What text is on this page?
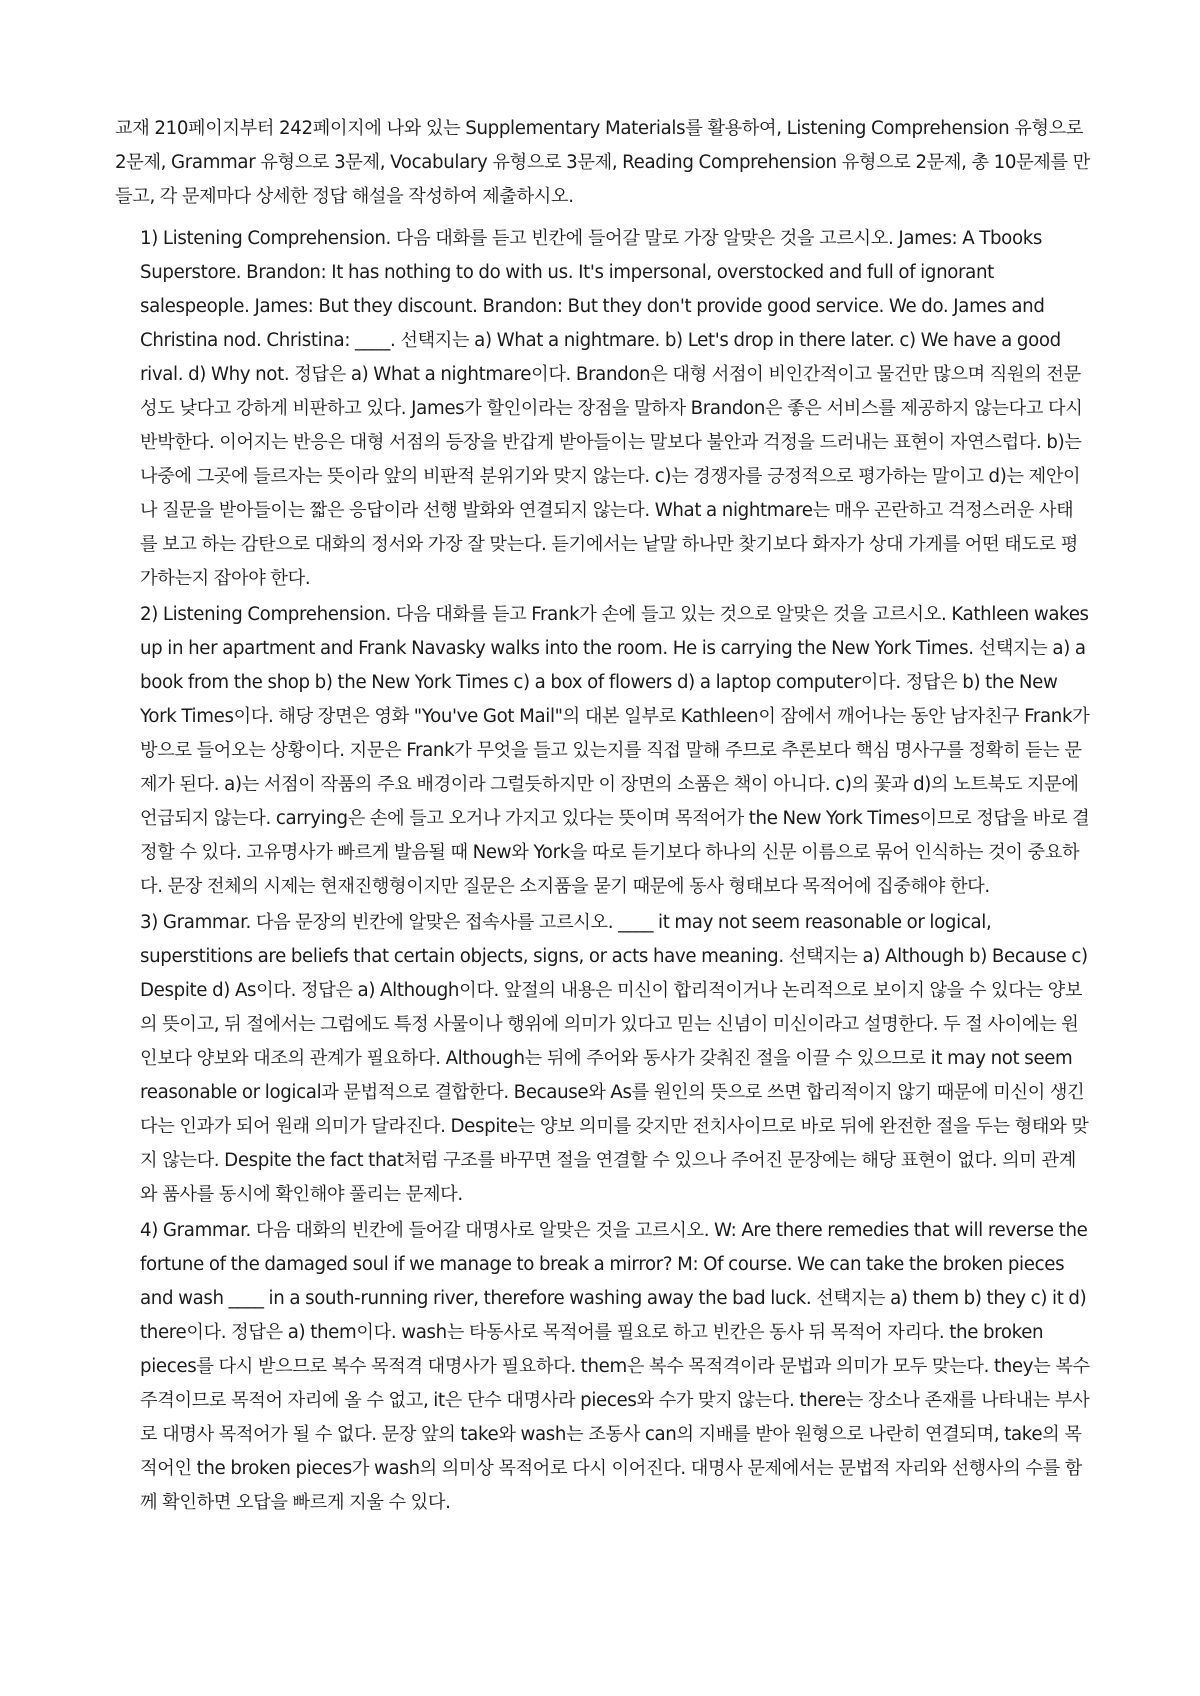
교재 210페이지부터 242페이지에 나와 있는 Supplementary Materials를 활용하여, Listening Comprehension 유형으로 2문제, Grammar 유형으로 3문제, Vocabulary 유형으로 3문제, Reading Comprehension 유형으로 2문제, 총 10문제를 만들고, 각 문제마다 상세한 정답 해설을 작성하여 제출하시오.

1) Listening Comprehension. 다음 대화를 듣고 빈칸에 들어갈 말로 가장 알맞은 것을 고르시오. James: A Tbooks Superstore. Brandon: It has nothing to do with us. It's impersonal, overstocked and full of ignorant salespeople. James: But they discount. Brandon: But they don't provide good service. We do. James and Christina nod. Christina: ____. 선택지는 a) What a nightmare. b) Let's drop in there later. c) We have a good rival. d) Why not. 정답은 a) What a nightmare이다. Brandon은 대형 서점이 비인간적이고 물건만 많으며 직원의 전문성도 낮다고 강하게 비판하고 있다. James가 할인이라는 장점을 말하자 Brandon은 좋은 서비스를 제공하지 않는다고 다시 반박한다. 이어지는 반응은 대형 서점의 등장을 반갑게 받아들이는 말보다 불안과 걱정을 드러내는 표현이 자연스럽다. b)는 나중에 그곳에 들르자는 뜻이라 앞의 비판적 분위기와 맞지 않는다. c)는 경쟁자를 긍정적으로 평가하는 말이고 d)는 제안이나 질문을 받아들이는 짧은 응답이라 선행 발화와 연결되지 않는다. What a nightmare는 매우 곤란하고 걱정스러운 사태를 보고 하는 감탄으로 대화의 정서와 가장 잘 맞는다. 듣기에서는 낱말 하나만 찾기보다 화자가 상대 가게를 어떤 태도로 평가하는지 잡아야 한다.
2) Listening Comprehension. 다음 대화를 듣고 Frank가 손에 들고 있는 것으로 알맞은 것을 고르시오. Kathleen wakes up in her apartment and Frank Navasky walks into the room. He is carrying the New York Times. 선택지는 a) a book from the shop b) the New York Times c) a box of flowers d) a laptop computer이다. 정답은 b) the New York Times이다. 해당 장면은 영화 "You've Got Mail"의 대본 일부로 Kathleen이 잠에서 깨어나는 동안 남자친구 Frank가 방으로 들어오는 상황이다. 지문은 Frank가 무엇을 들고 있는지를 직접 말해 주므로 추론보다 핵심 명사구를 정확히 듣는 문제가 된다. a)는 서점이 작품의 주요 배경이라 그럴듯하지만 이 장면의 소품은 책이 아니다. c)의 꽃과 d)의 노트북도 지문에 언급되지 않는다. carrying은 손에 들고 오거나 가지고 있다는 뜻이며 목적어가 the New York Times이므로 정답을 바로 결정할 수 있다. 고유명사가 빠르게 발음될 때 New와 York을 따로 듣기보다 하나의 신문 이름으로 묶어 인식하는 것이 중요하다. 문장 전체의 시제는 현재진행형이지만 질문은 소지품을 묻기 때문에 동사 형태보다 목적어에 집중해야 한다.
3) Grammar. 다음 문장의 빈칸에 알맞은 접속사를 고르시오. ____ it may not seem reasonable or logical, superstitions are beliefs that certain objects, signs, or acts have meaning. 선택지는 a) Although b) Because c) Despite d) As이다. 정답은 a) Although이다. 앞절의 내용은 미신이 합리적이거나 논리적으로 보이지 않을 수 있다는 양보의 뜻이고, 뒤 절에서는 그럼에도 특정 사물이나 행위에 의미가 있다고 믿는 신념이 미신이라고 설명한다. 두 절 사이에는 원인보다 양보와 대조의 관계가 필요하다. Although는 뒤에 주어와 동사가 갖춰진 절을 이끌 수 있으므로 it may not seem reasonable or logical과 문법적으로 결합한다. Because와 As를 원인의 뜻으로 쓰면 합리적이지 않기 때문에 미신이 생긴다는 인과가 되어 원래 의미가 달라진다. Despite는 양보 의미를 갖지만 전치사이므로 바로 뒤에 완전한 절을 두는 형태와 맞지 않는다. Despite the fact that처럼 구조를 바꾸면 절을 연결할 수 있으나 주어진 문장에는 해당 표현이 없다. 의미 관계와 품사를 동시에 확인해야 풀리는 문제다.
4) Grammar. 다음 대화의 빈칸에 들어갈 대명사로 알맞은 것을 고르시오. W: Are there remedies that will reverse the fortune of the damaged soul if we manage to break a mirror? M: Of course. We can take the broken pieces and wash ____ in a south-running river, therefore washing away the bad luck. 선택지는 a) them b) they c) it d) there이다. 정답은 a) them이다. wash는 타동사로 목적어를 필요로 하고 빈칸은 동사 뒤 목적어 자리다. the broken pieces를 다시 받으므로 복수 목적격 대명사가 필요하다. them은 복수 목적격이라 문법과 의미가 모두 맞는다. they는 복수 주격이므로 목적어 자리에 올 수 없고, it은 단수 대명사라 pieces와 수가 맞지 않는다. there는 장소나 존재를 나타내는 부사로 대명사 목적어가 될 수 없다. 문장 앞의 take와 wash는 조동사 can의 지배를 받아 원형으로 나란히 연결되며, take의 목적어인 the broken pieces가 wash의 의미상 목적어로 다시 이어진다. 대명사 문제에서는 문법적 자리와 선행사의 수를 함께 확인하면 오답을 빠르게 지울 수 있다.
